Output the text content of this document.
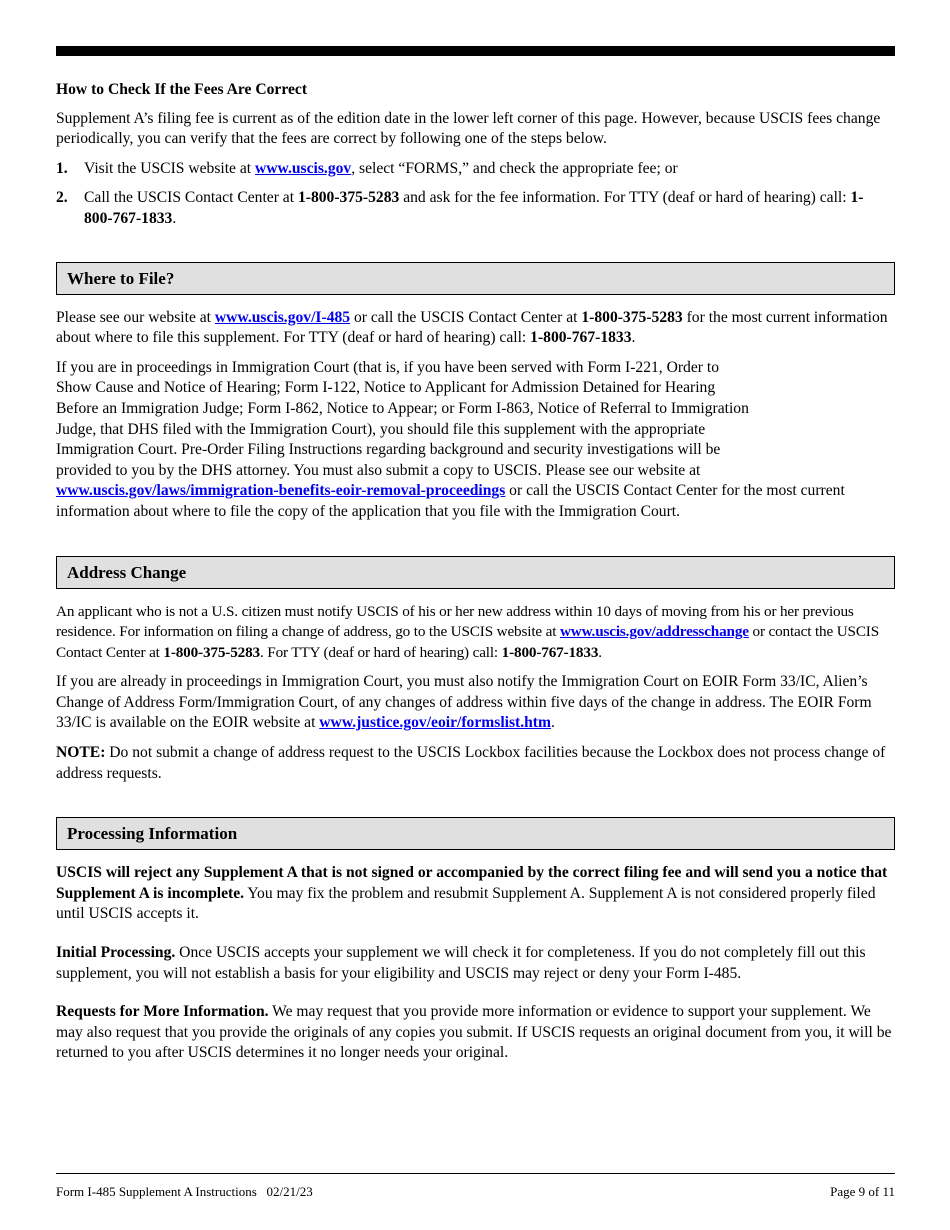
How to Check If the Fees Are Correct

Supplement A’s filing fee is current as of the edition date in the lower left corner of this page. However, because USCIS fees change periodically, you can verify that the fees are correct by following one of the steps below.

1.	Visit the USCIS website at www.uscis.gov, select “FORMS,” and check the appropriate fee; or
2.	Call the USCIS Contact Center at 1-800-375-5283 and ask for the fee information. For TTY (deaf or hard of hearing) call: 1-800-767-1833.
Where to File?

Please see our website at www.uscis.gov/I-485 or call the USCIS Contact Center at 1-800-375-5283 for the most current information about where to file this supplement. For TTY (deaf or hard of hearing) call: 1-800-767-1833.

If you are in proceedings in Immigration Court (that is, if you have been served with Form I-221, Order to
Show Cause and Notice of Hearing; Form I-122, Notice to Applicant for Admission Detained for Hearing
Before an Immigration Judge; Form I-862, Notice to Appear; or Form I-863, Notice of Referral to Immigration
Judge, that DHS filed with the Immigration Court), you should file this supplement with the appropriate
Immigration Court. Pre-Order Filing Instructions regarding background and security investigations will be
provided to you by the DHS attorney. You must also submit a copy to USCIS. Please see our website at
www.uscis.gov/laws/immigration-benefits-eoir-removal-proceedings or call the USCIS Contact Center for the most current information about where to file the copy of the application that you file with the Immigration Court.

Address Change

An applicant who is not a U.S. citizen must notify USCIS of his or her new address within 10 days of moving from his or her previous residence. For information on filing a change of address, go to the USCIS website at www.uscis.gov/addresschange or contact the USCIS Contact Center at 1-800-375-5283. For TTY (deaf or hard of hearing) call: 1-800-767-1833.

If you are already in proceedings in Immigration Court, you must also notify the Immigration Court on EOIR Form 33/IC, Alien’s Change of Address Form/Immigration Court, of any changes of address within five days of the change in address. The EOIR Form 33/IC is available on the EOIR website at www.justice.gov/eoir/formslist.htm.

NOTE: Do not submit a change of address request to the USCIS Lockbox facilities because the Lockbox does not process change of address requests.

Processing Information

USCIS will reject any Supplement A that is not signed or accompanied by the correct filing fee and will send you a notice that Supplement A is incomplete. You may fix the problem and resubmit Supplement A. Supplement A is not considered properly filed until USCIS accepts it.

Initial Processing. Once USCIS accepts your supplement we will check it for completeness. If you do not completely fill out this supplement, you will not establish a basis for your eligibility and USCIS may reject or deny your Form I-485.

Requests for More Information. We may request that you provide more information or evidence to support your supplement. We may also request that you provide the originals of any copies you submit. If USCIS requests an original document from you, it will be returned to you after USCIS determines it no longer needs your original.

Form I-485 Supplement A Instructions   02/21/23	Page 9 of 11
